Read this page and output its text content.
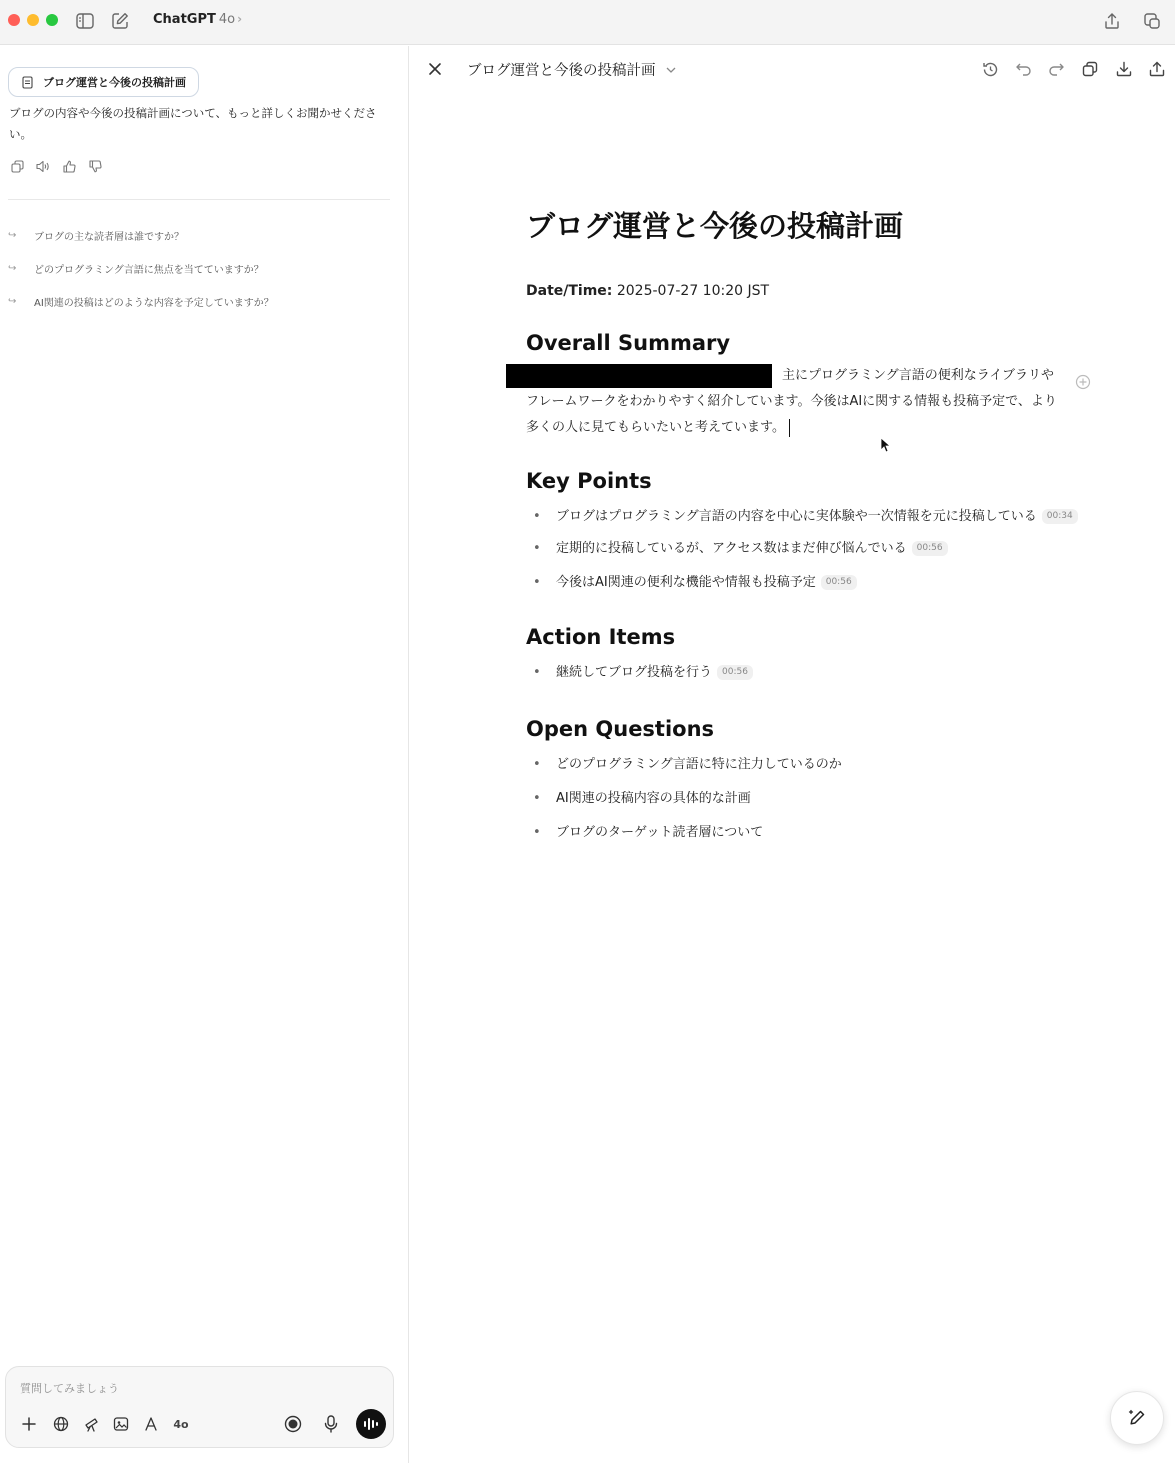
ChatGPT 4o ›
ブログ運営と今後の投稿計画
ブログの内容や今後の投稿計画について、もっと詳しくお聞かせください。
↪	ブログの主な読者層は誰ですか？
↪	どのプログラミング言語に焦点を当てていますか？
↪	AI関連の投稿はどのような内容を予定していますか？
質問してみましょう
4o
ブログ運営と今後の投稿計画
ブログ運営と今後の投稿計画
Date/Time: 2025-07-27 10:20 JST
Overall Summary

主にプログラミング言語の便利なライブラリやフレームワークをわかりやすく紹介しています。今後はAIに関する情報も投稿予定で、より多くの人に見てもらいたいと考えています。

Key Points
• ブログはプログラミング言語の内容を中心に実体験や一次情報を元に投稿している 00:34
• 定期的に投稿しているが、アクセス数はまだ伸び悩んでいる 00:56
• 今後はAI関連の便利な機能や情報も投稿予定 00:56
Action Items
• 継続してブログ投稿を行う 00:56
Open Questions
• どのプログラミング言語に特に注力しているのか
• AI関連の投稿内容の具体的な計画
• ブログのターゲット読者層について
